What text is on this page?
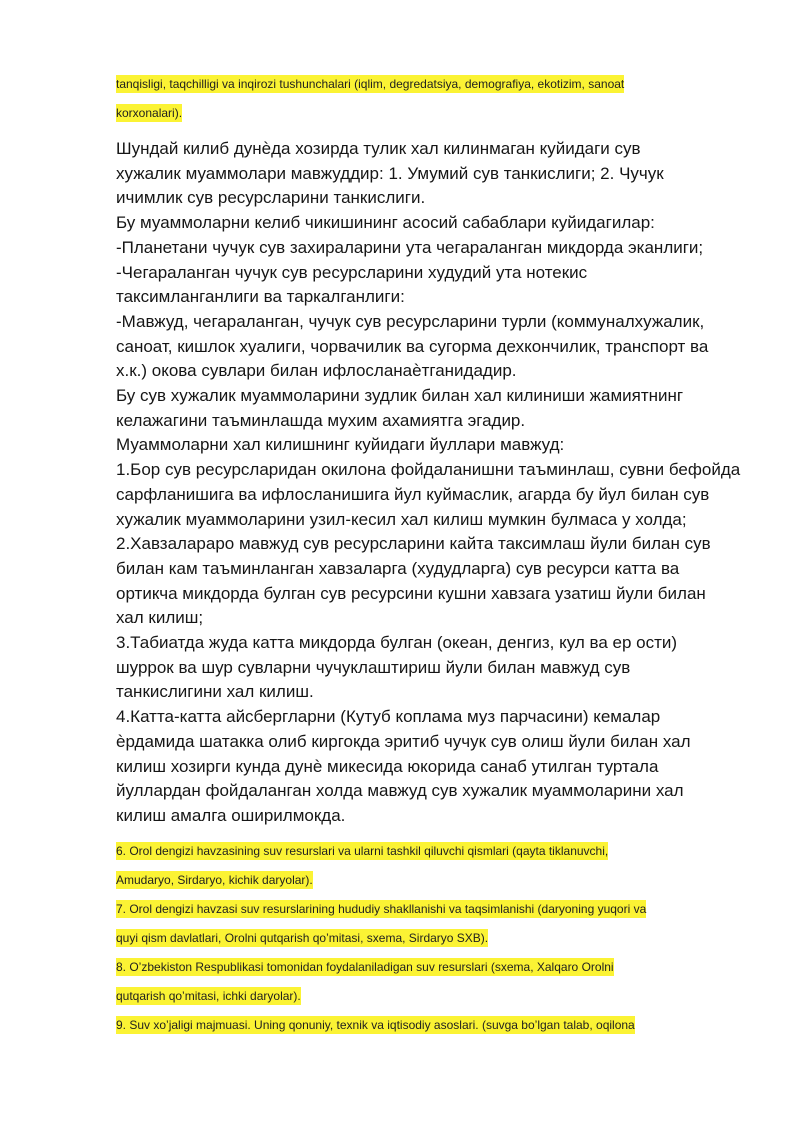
tanqisligi, taqchilligi va inqirozi tushunchalari (iqlim, degredatsiya, demografiya, ekotizim, sanoat
korxonalari).
Шундай килиб дунѐда хозирда тулик хал килинмаган куйидаги сув
хужалик муаммолари мавжуддир: 1. Умумий сув танкислиги; 2. Чучук
ичимлик сув ресурсларини танкислиги.
Бу муаммоларни келиб чикишининг асосий сабаблари куйидагилар:
-Планетани чучук сув захираларини ута чегараланган микдорда эканлиги;
-Чегараланган чучук сув ресурсларини худудий ута нотекис
таксимланганлиги ва таркалганлиги:
-Мавжуд, чегараланган, чучук сув ресурсларини турли (коммуналхужалик,
саноат, кишлок хуалиги, чорвачилик ва сугорма дехкончилик, транспорт ва
х.к.) окова сувлари билан ифлосланаѐтганидадир.
Бу сув хужалик муаммоларини зудлик билан хал килиниши жамиятнинг
келажагини таъминлашда мухим ахамиятга эгадир.
Муаммоларни хал килишнинг куйидаги йуллари мавжуд:
1.Бор сув ресурсларидан окилона фойдаланишни таъминлаш, сувни бефойда
сарфланишига ва ифлосланишига йул куймаслик, агарда бу йул билан сув
хужалик муаммоларини узил-кесил хал килиш мумкин булмаса у холда;
2.Хавзалараро мавжуд сув ресурсларини кайта таксимлаш йули билан сув
билан кам таъминланган хавзаларга (худудларга) сув ресурси катта ва
ортикча микдорда булган сув ресурсини кушни хавзага узатиш йули билан
хал килиш;
3.Табиатда жуда катта микдорда булган (океан, денгиз, кул ва ер ости)
шуррок ва шур сувларни чучуклаштириш йули билан мавжуд сув
танкислигини хал килиш.
4.Катта-катта айсбергларни (Кутуб коплама муз парчасини) кемалар
ѐрдамида шатакка олиб киргокда эритиб чучук сув олиш йули билан хал
килиш хозирги кунда дунѐ микесида юкорида санаб утилган туртала
йуллардан фойдаланган холда мавжуд сув хужалик муаммоларини хал
килиш амалга оширилмокда.
6. Orol dengizi havzasining suv resurslari va ularni tashkil qiluvchi qismlari (qayta tiklanuvchi,
Amudaryo, Sirdaryo, kichik daryolar).
7. Orol dengizi havzasi suv resurslarining hududiy shakllanishi va taqsimlanishi (daryoning yuqori va
quyi qism davlatlari, Orolni qutqarish qo’mitasi, sxema, Sirdaryo SXB).
8. O’zbekiston Respublikasi tomonidan foydalaniladigan suv resurslari (sxema, Xalqaro Orolni
qutqarish qo’mitasi, ichki daryolar).
9. Suv xo’jaligi majmuasi. Uning qonuniy, texnik va iqtisodiy asoslari. (suvga bo’lgan talab, oqilona
